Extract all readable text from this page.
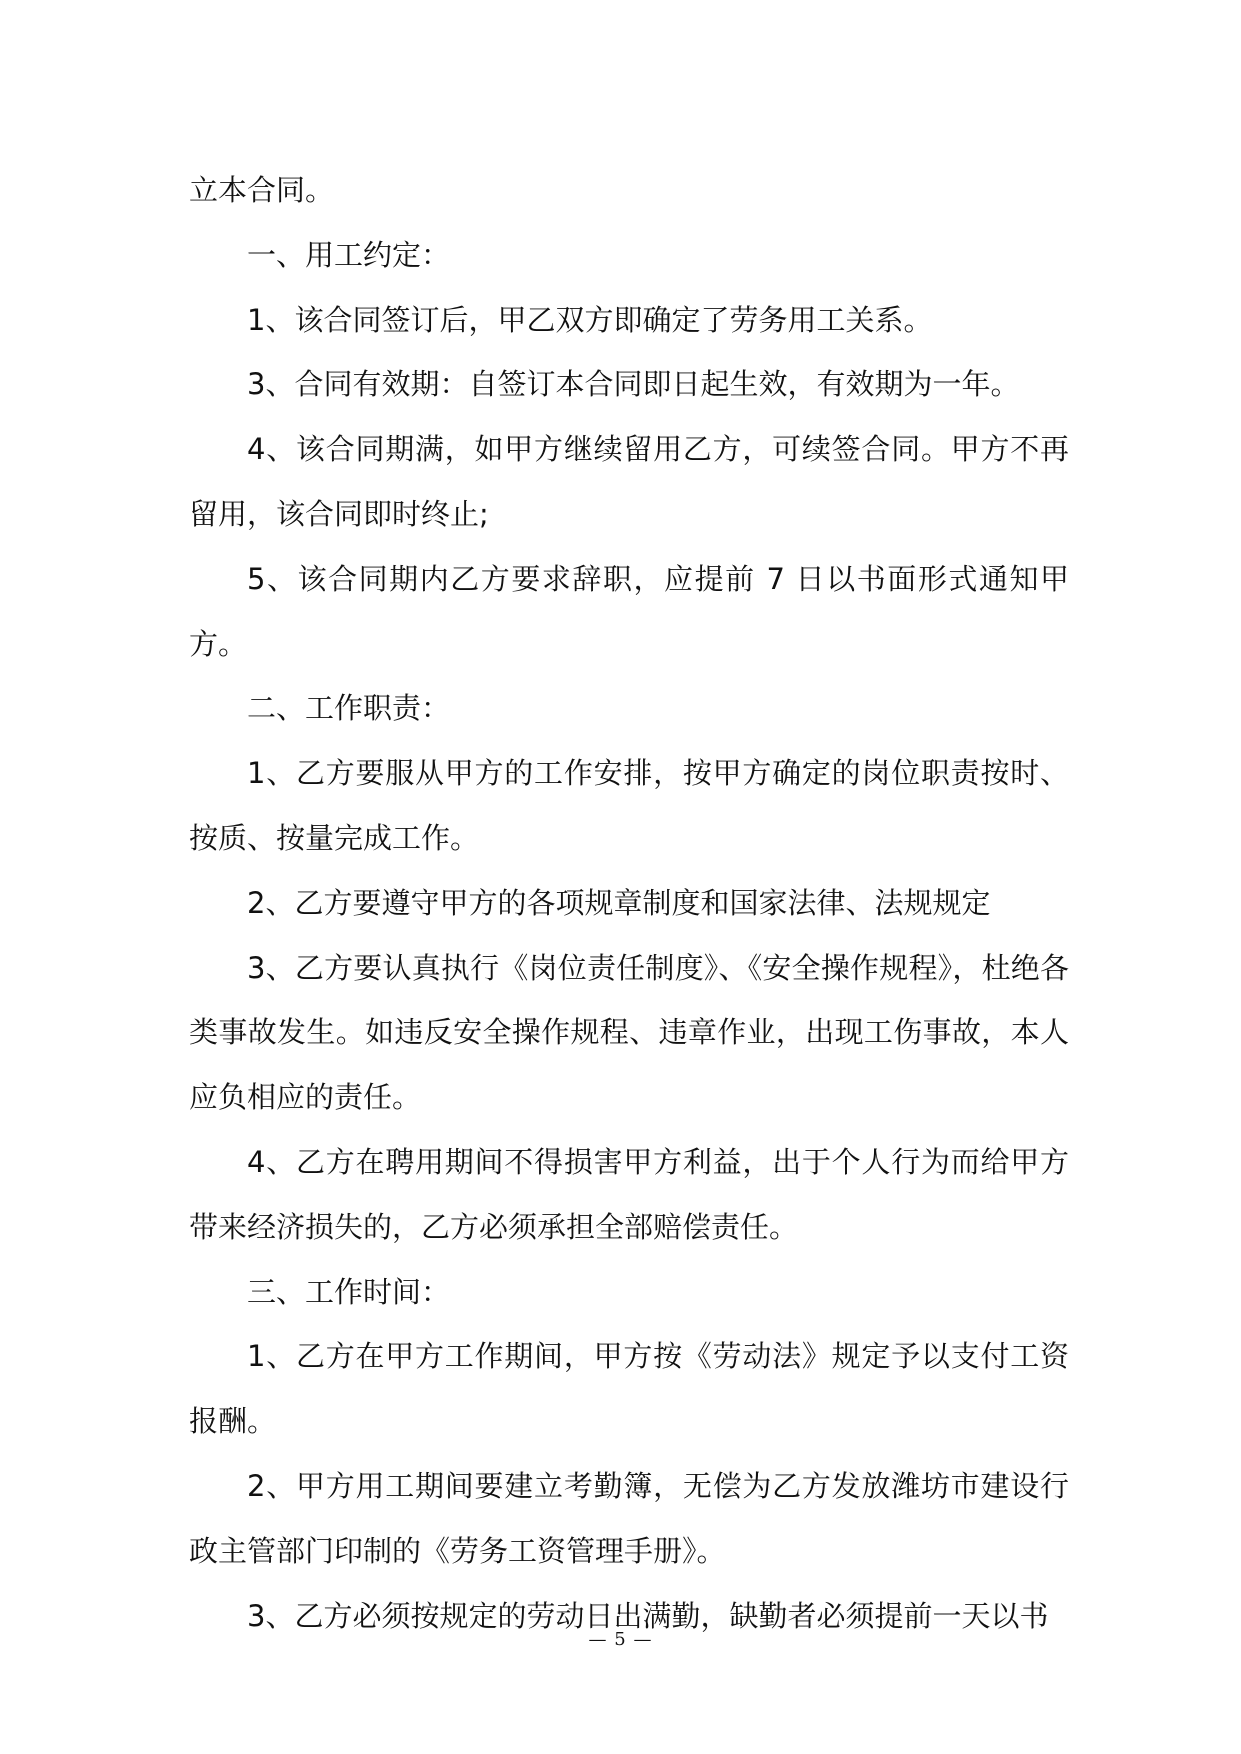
立本合同。

一、用工约定：

1、该合同签订后，甲乙双方即确定了劳务用工关系。

3、合同有效期：自签订本合同即日起生效，有效期为一年。

4、该合同期满，如甲方继续留用乙方，可续签合同。甲方不再留用，该合同即时终止;

5、该合同期内乙方要求辞职，应提前 7 日以书面形式通知甲方。

二、工作职责：

1、乙方要服从甲方的工作安排，按甲方确定的岗位职责按时、按质、按量完成工作。

2、乙方要遵守甲方的各项规章制度和国家法律、法规规定

3、乙方要认真执行《岗位责任制度》、《安全操作规程》，杜绝各类事故发生。如违反安全操作规程、违章作业，出现工伤事故，本人应负相应的责任。

4、乙方在聘用期间不得损害甲方利益，出于个人行为而给甲方带来经济损失的，乙方必须承担全部赔偿责任。

三、工作时间：

1、乙方在甲方工作期间，甲方按《劳动法》规定予以支付工资报酬。

2、甲方用工期间要建立考勤簿，无偿为乙方发放潍坊市建设行政主管部门印制的《劳务工资管理手册》。

3、乙方必须按规定的劳动日出满勤，缺勤者必须提前一天以书

— 5 —
